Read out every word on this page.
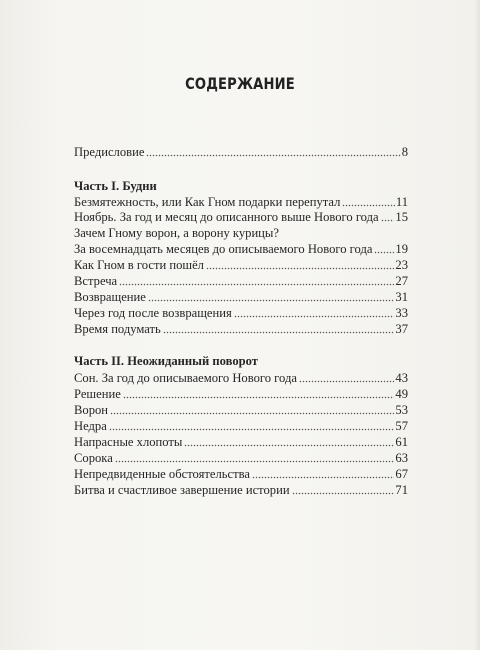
СОДЕРЖАНИЕ
Предисловие	8
Часть I. Будни
Безмятежность, или Как Гном подарки перепутал	11
Ноябрь. За год и месяц до описанного выше Нового года 15
Зачем Гному ворон, а ворону курицы?
За восемнадцать месяцев до описываемого Нового года 19
Как Гном в гости пошёл	23
Встреча	27
Возвращение	31
Через год после возвращения	33
Время подумать	37
Часть II. Неожиданный поворот
Сон. За год до описываемого Нового года	43
Решение	49
Ворон	53
Недра	57
Напрасные хлопоты	61
Сорока	63
Непредвиденные обстоятельства	67
Битва и счастливое завершение истории	71
